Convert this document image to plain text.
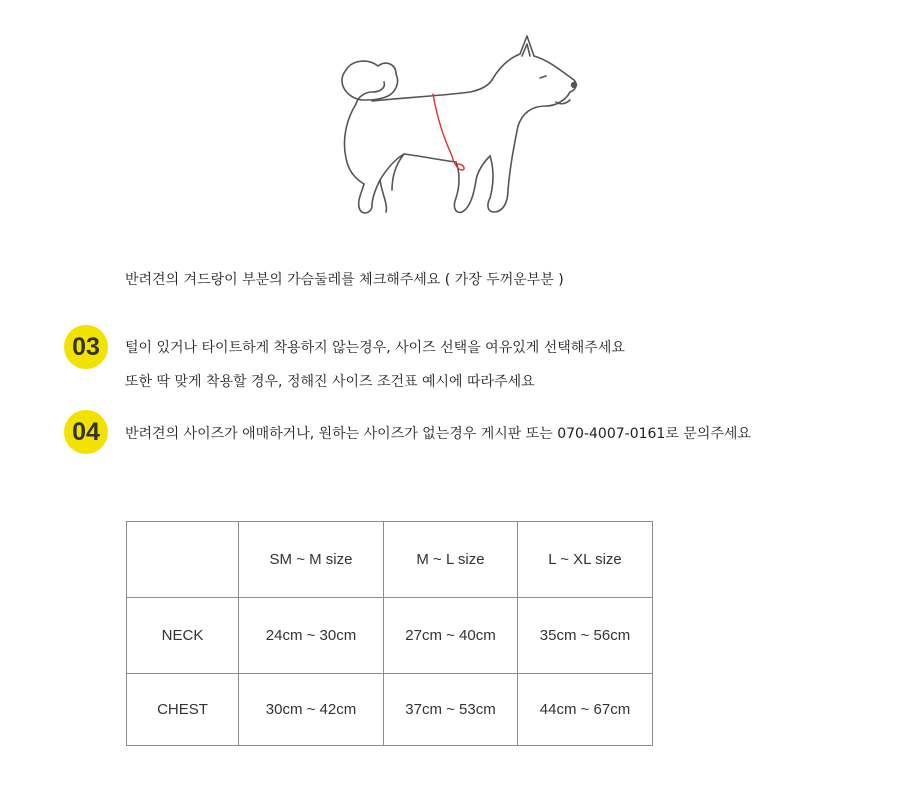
반려견의 겨드랑이 부분의 가슴둘레를 체크해주세요 ( 가장 두꺼운부분 )
03	털이 있거나 타이트하게 착용하지 않는경우, 사이즈 선택을 여유있게 선택해주세요
또한 딱 맞게 착용할 경우, 정해진 사이즈 조건표 예시에 따라주세요
04	반려견의 사이즈가 애매하거나, 원하는 사이즈가 없는경우 게시판 또는 070-4007-0161로 문의주세요
	SM ~ M size	M ~ L size	L ~ XL size
NECK	24cm ~ 30cm	27cm ~ 40cm	35cm ~ 56cm
CHEST	30cm ~ 42cm	37cm ~ 53cm	44cm ~ 67cm
